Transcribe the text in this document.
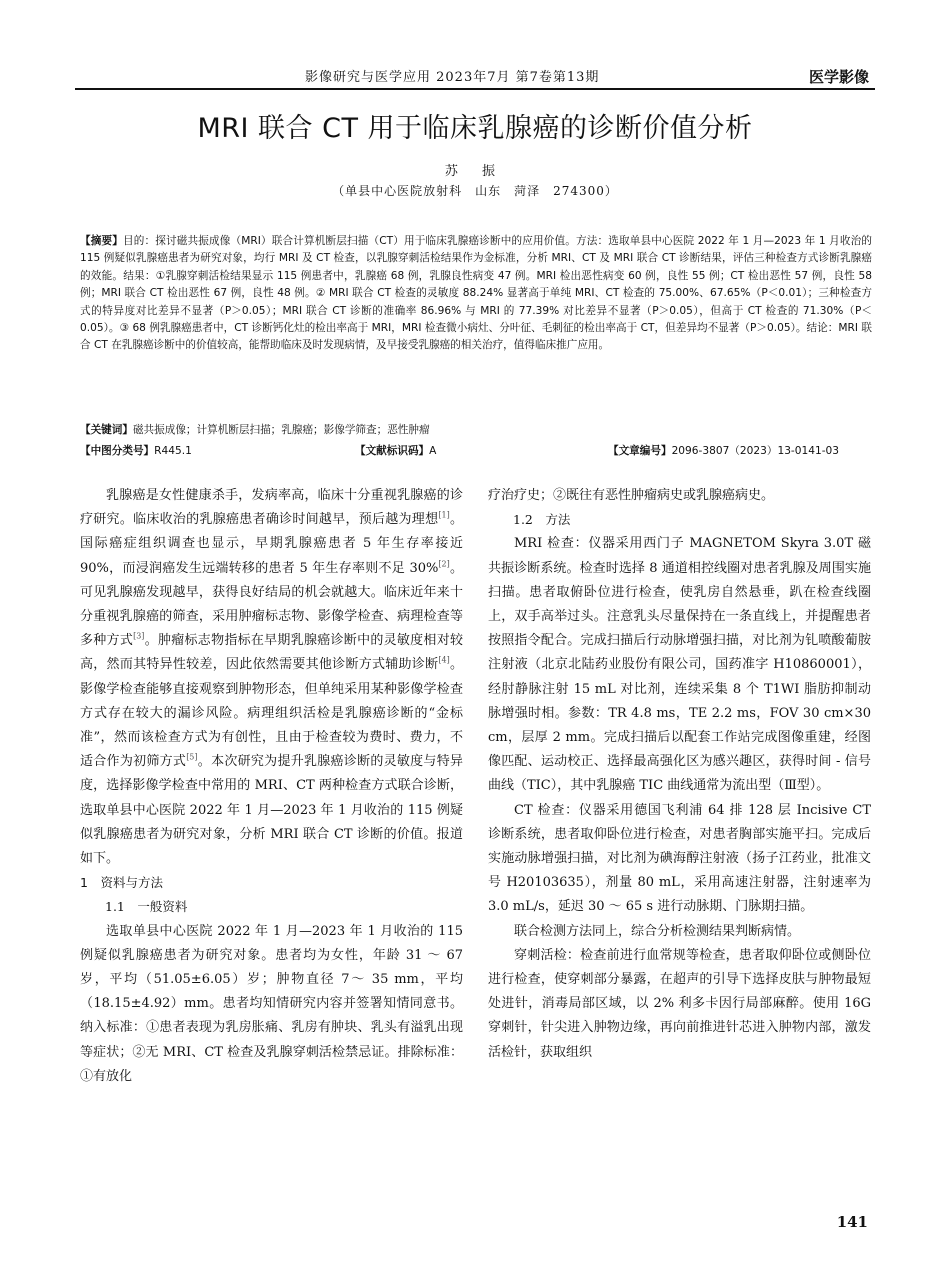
影像研究与医学应用 2023年7月 第7卷第13期	医学影像
MRI 联合 CT 用于临床乳腺癌的诊断价值分析
苏 振
（单县中心医院放射科　山东　菏泽　274300）
【摘要】目的：探讨磁共振成像（MRI）联合计算机断层扫描（CT）用于临床乳腺癌诊断中的应用价值。方法：选取单县中心医院 2022 年 1 月—2023 年 1 月收治的 115 例疑似乳腺癌患者为研究对象，均行 MRI 及 CT 检查，以乳腺穿刺活检结果作为金标准，分析 MRI、CT 及 MRI 联合 CT 诊断结果，评估三种检查方式诊断乳腺癌的效能。结果：①乳腺穿刺活检结果显示 115 例患者中，乳腺癌 68 例，乳腺良性病变 47 例。MRI 检出恶性病变 60 例，良性 55 例；CT 检出恶性 57 例，良性 58 例；MRI 联合 CT 检出恶性 67 例，良性 48 例。② MRI 联合 CT 检查的灵敏度 88.24% 显著高于单纯 MRI、CT 检查的 75.00%、67.65%（P＜0.01）；三种检查方式的特异度对比差异不显著（P＞0.05）；MRI 联合 CT 诊断的准确率 86.96% 与 MRI 的 77.39% 对比差异不显著（P＞0.05），但高于 CT 检查的 71.30%（P＜0.05）。③ 68 例乳腺癌患者中，CT 诊断钙化灶的检出率高于 MRI，MRI 检查微小病灶、分叶征、毛刺征的检出率高于 CT，但差异均不显著（P＞0.05）。结论：MRI 联合 CT 在乳腺癌诊断中的价值较高，能帮助临床及时发现病情，及早接受乳腺癌的相关治疗，值得临床推广应用。
【关键词】磁共振成像；计算机断层扫描；乳腺癌；影像学筛查；恶性肿瘤
【中图分类号】R445.1	【文献标识码】A	【文章编号】2096-3807（2023）13-0141-03

乳腺癌是女性健康杀手，发病率高，临床十分重视乳腺癌的诊疗研究。临床收治的乳腺癌患者确诊时间越早，预后越为理想[1]。国际癌症组织调查也显示，早期乳腺癌患者 5 年生存率接近 90%，而浸润癌发生远端转移的患者 5 年生存率则不足 30%[2]。可见乳腺癌发现越早，获得良好结局的机会就越大。临床近年来十分重视乳腺癌的筛查，采用肿瘤标志物、影像学检查、病理检查等多种方式[3]。肿瘤标志物指标在早期乳腺癌诊断中的灵敏度相对较高，然而其特异性较差，因此依然需要其他诊断方式辅助诊断[4]。影像学检查能够直接观察到肿物形态，但单纯采用某种影像学检查方式存在较大的漏诊风险。病理组织活检是乳腺癌诊断的“金标准”，然而该检查方式为有创性，且由于检查较为费时、费力，不适合作为初筛方式[5]。本次研究为提升乳腺癌诊断的灵敏度与特异度，选择影像学检查中常用的 MRI、CT 两种检查方式联合诊断，选取单县中心医院 2022 年 1 月—2023 年 1 月收治的 115 例疑似乳腺癌患者为研究对象，分析 MRI 联合 CT 诊断的价值。报道如下。

1　资料与方法

1.1　一般资料

选取单县中心医院 2022 年 1 月—2023 年 1 月收治的 115 例疑似乳腺癌患者为研究对象。患者均为女性，年龄 31 ～ 67 岁，平均（51.05±6.05）岁；肿物直径 7～ 35 mm，平均（18.15±4.92）mm。患者均知情研究内容并签署知情同意书。纳入标准：①患者表现为乳房胀痛、乳房有肿块、乳头有溢乳出现等症状；②无 MRI、CT 检查及乳腺穿刺活检禁忌证。排除标准：①有放化

疗治疗史；②既往有恶性肿瘤病史或乳腺癌病史。

1.2　方法

MRI 检查：仪器采用西门子 MAGNETOM Skyra 3.0T 磁共振诊断系统。检查时选择 8 通道相控线圈对患者乳腺及周围实施扫描。患者取俯卧位进行检查，使乳房自然悬垂，趴在检查线圈上，双手高举过头。注意乳头尽量保持在一条直线上，并提醒患者按照指令配合。完成扫描后行动脉增强扫描，对比剂为钆喷酸葡胺注射液（北京北陆药业股份有限公司，国药准字 H10860001），经肘静脉注射 15 mL 对比剂，连续采集 8 个 T1WI 脂肪抑制动脉增强时相。参数：TR 4.8 ms，TE 2.2 ms，FOV 30 cm×30 cm，层厚 2 mm。完成扫描后以配套工作站完成图像重建，经图像匹配、运动校正、选择最高强化区为感兴趣区，获得时间 - 信号曲线（TIC），其中乳腺癌 TIC 曲线通常为流出型（Ⅲ型）。

CT 检查：仪器采用德国飞利浦 64 排 128 层 Incisive CT 诊断系统，患者取仰卧位进行检查，对患者胸部实施平扫。完成后实施动脉增强扫描，对比剂为碘海醇注射液（扬子江药业，批准文号 H20103635），剂量 80 mL，采用高速注射器，注射速率为 3.0 mL/s，延迟 30 ～ 65 s 进行动脉期、门脉期扫描。

联合检测方法同上，综合分析检测结果判断病情。

穿刺活检：检查前进行血常规等检查，患者取仰卧位或侧卧位进行检查，使穿刺部分暴露，在超声的引导下选择皮肤与肿物最短处进针，消毒局部区域，以 2% 利多卡因行局部麻醉。使用 16G 穿刺针，针尖进入肿物边缘，再向前推进针芯进入肿物内部，激发活检针，获取组织

141
